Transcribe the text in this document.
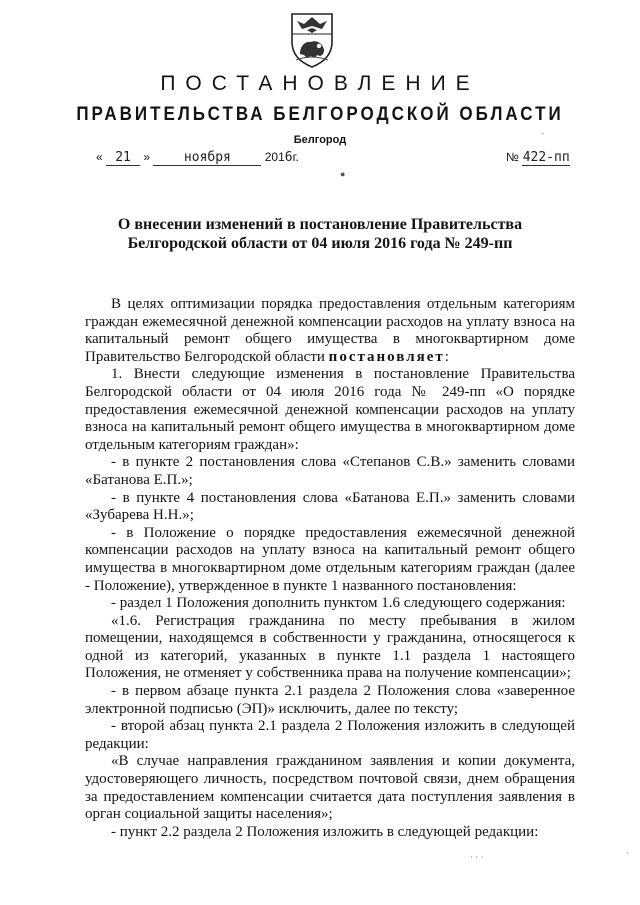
ПОСТАНОВЛЕНИЕ
ПРАВИТЕЛЬСТВА БЕЛГОРОДСКОЙ ОБЛАСТИ
Белгород
« 21 »	ноября	2016г.	№ 422-пп
●
О внесении изменений в постановление Правительства
Белгородской области от 04 июля 2016 года № 249-пп

В целях оптимизации порядка предоставления отдельным категориям граждан ежемесячной денежной компенсации расходов на уплату взноса на капитальный ремонт общего имущества в многоквартирном доме Правительство Белгородской области постановляет:

1. Внести следующие изменения в постановление Правительства Белгородской области от 04 июля 2016 года № 249-пп «О порядке предоставления ежемесячной денежной компенсации расходов на уплату взноса на капитальный ремонт общего имущества в многоквартирном доме отдельным категориям граждан»:

- в пункте 2 постановления слова «Степанов С.В.» заменить словами «Батанова Е.П.»;

- в пункте 4 постановления слова «Батанова Е.П.» заменить словами «Зубарева Н.Н.»;

- в Положение о порядке предоставления ежемесячной денежной компенсации расходов на уплату взноса на капитальный ремонт общего имущества в многоквартирном доме отдельным категориям граждан (далее - Положение), утвержденное в пункте 1 названного постановления:

- раздел 1 Положения дополнить пунктом 1.6 следующего содержания:

«1.6. Регистрация гражданина по месту пребывания в жилом помещении, находящемся в собственности у гражданина, относящегося к одной из категорий, указанных в пункте 1.1 раздела 1 настоящего Положения, не отменяет у собственника права на получение компенсации»;

- в первом абзаце пункта 2.1 раздела 2 Положения слова «заверенное электронной подписью (ЭП)» исключить, далее по тексту;

- второй абзац пункта 2.1 раздела 2 Положения изложить в следующей редакции:

«В случае направления гражданином заявления и копии документа, удостоверяющего личность, посредством почтовой связи, днем обращения за предоставлением компенсации считается дата поступления заявления в орган социальной защиты населения»;

- пункт 2.2 раздела 2 Положения изложить в следующей редакции:

· · ·	·
-
